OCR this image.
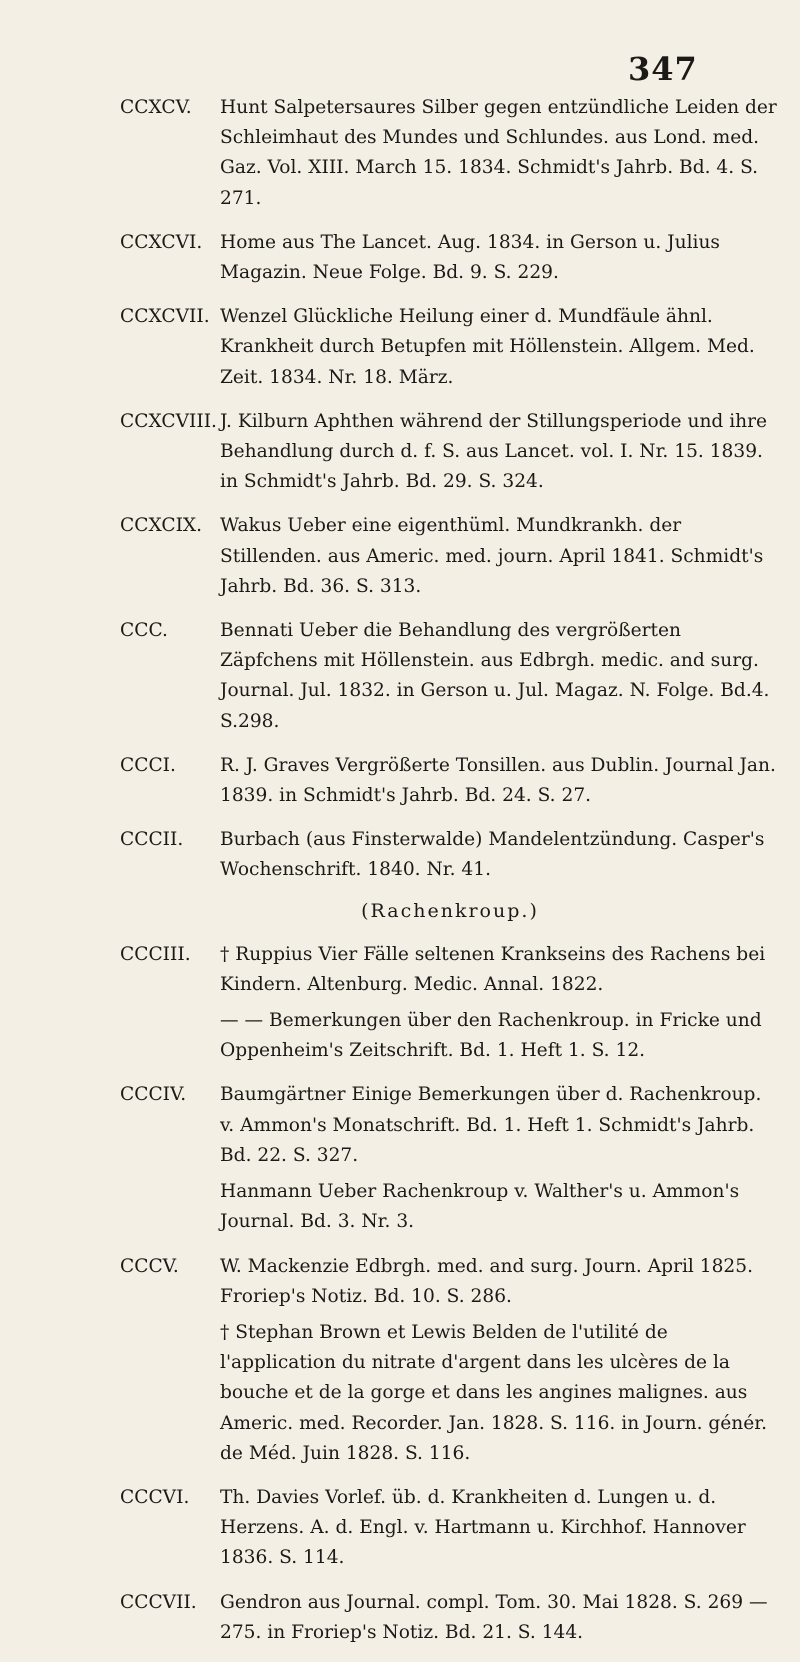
347

CCXCV. Hunt Salpetersaures Silber gegen entzündliche Leiden der Schleimhaut des Mundes und Schlundes. aus Lond. med. Gaz. Vol. XIII. March 15. 1834. Schmidt's Jahrb. Bd. 4. S. 271.

CCXCVI. Home aus The Lancet. Aug. 1834. in Gerson u. Julius Magazin. Neue Folge. Bd. 9. S. 229.

CCXCVII. Wenzel Glückliche Heilung einer d. Mundfäule ähnl. Krankheit durch Betupfen mit Höllenstein. Allgem. Med. Zeit. 1834. Nr. 18. März.

CCXCVIII. J. Kilburn Aphthen während der Stillungsperiode und ihre Behandlung durch d. f. S. aus Lancet. vol. I. Nr. 15. 1839. in Schmidt's Jahrb. Bd. 29. S. 324.

CCXCIX. Wakus Ueber eine eigenthüml. Mundkrankh. der Stillenden. aus Americ. med. journ. April 1841. Schmidt's Jahrb. Bd. 36. S. 313.

CCC.	Bennati Ueber die Behandlung des vergrößerten Zäpfchens mit Höllenstein. aus Edbrgh. medic. and surg. Journal. Jul. 1832. in Gerson u. Jul. Magaz. N. Folge. Bd.4. S.298.

CCCI. R. J. Graves Vergrößerte Tonsillen. aus Dublin. Journal Jan. 1839. in Schmidt's Jahrb. Bd. 24. S. 27.

CCCII. Burbach (aus Finsterwalde) Mandelentzündung. Casper's Wochenschrift. 1840. Nr. 41.

(Rachenkroup.)

CCCIII. † Ruppius Vier Fälle seltenen Krankseins des Rachens bei Kindern. Altenburg. Medic. Annal. 1822.

— — Bemerkungen über den Rachenkroup. in Fricke und Oppenheim's Zeitschrift. Bd. 1. Heft 1. S. 12.

CCCIV. Baumgärtner Einige Bemerkungen über d. Rachenkroup. v. Ammon's Monatschrift. Bd. 1. Heft 1. Schmidt's Jahrb. Bd. 22. S. 327.

Hanmann Ueber Rachenkroup v. Walther's u. Ammon's Journal. Bd. 3. Nr. 3.

CCCV. W. Mackenzie Edbrgh. med. and surg. Journ. April 1825. Froriep's Notiz. Bd. 10. S. 286.

† Stephan Brown et Lewis Belden de l'utilité de l'application du nitrate d'argent dans les ulcères de la bouche et de la gorge et dans les angines malignes. aus Americ. med. Recorder. Jan. 1828. S. 116. in Journ. génér. de Méd. Juin 1828. S. 116.

CCCVI. Th. Davies Vorlef. üb. d. Krankheiten d. Lungen u. d. Herzens. A. d. Engl. v. Hartmann u. Kirchhof. Hannover 1836. S. 114.

CCCVII. Gendron aus Journal. compl. Tom. 30. Mai 1828. S. 269 — 275. in Froriep's Notiz. Bd. 21. S. 144.
